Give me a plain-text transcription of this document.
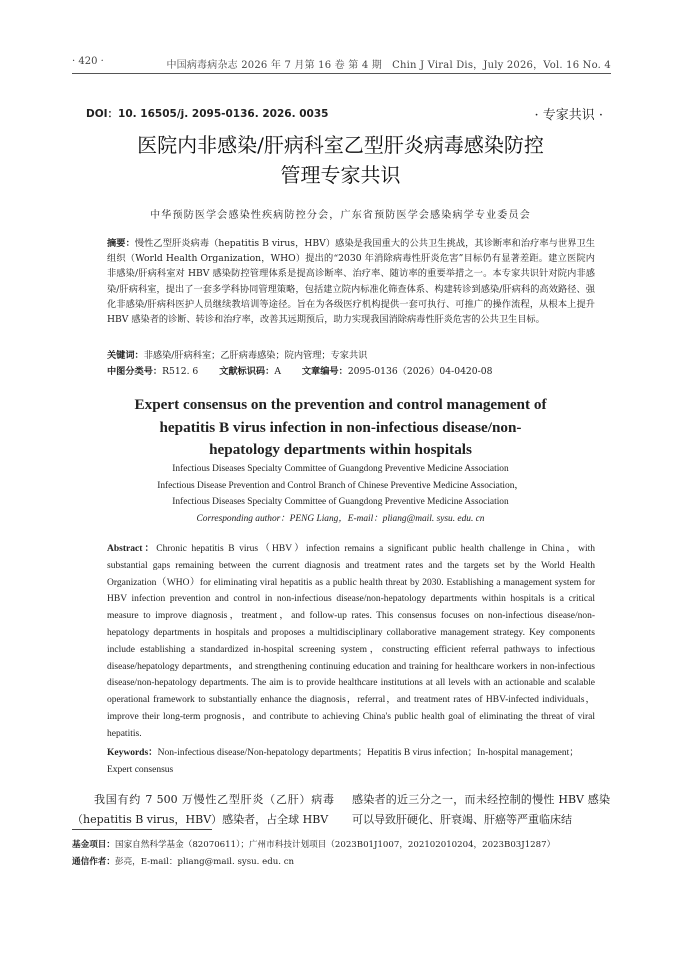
· 420 ·	中国病毒病杂志 2026 年 7 月第 16 卷 第 4 期　Chin J Viral Dis，July 2026，Vol. 16 No. 4
DOI：10. 16505/j. 2095-0136. 2026. 0035	· 专家共识 ·
医院内非感染/肝病科室乙型肝炎病毒感染防控
管理专家共识
中华预防医学会感染性疾病防控分会，广东省预防医学会感染病学专业委员会
摘要：慢性乙型肝炎病毒（hepatitis B virus，HBV）感染是我国重大的公共卫生挑战，其诊断率和治疗率与世界卫生组织（World Health Organization，WHO）提出的“2030 年消除病毒性肝炎危害”目标仍有显著差距。建立医院内非感染/肝病科室对 HBV 感染防控管理体系是提高诊断率、治疗率、随访率的重要举措之一。本专家共识针对院内非感染/肝病科室，提出了一套多学科协同管理策略，包括建立院内标准化筛查体系、构建转诊到感染/肝病科的高效路径、强化非感染/肝病科医护人员继续教培训等途径。旨在为各级医疗机构提供一套可执行、可推广的操作流程，从根本上提升 HBV 感染者的诊断、转诊和治疗率，改善其远期预后，助力实现我国消除病毒性肝炎危害的公共卫生目标。
关键词：非感染/肝病科室；乙肝病毒感染；院内管理；专家共识
中图分类号：R512. 6 文献标识码：A 文章编号：2095-0136（2026）04-0420-08
Expert consensus on the prevention and control management of
hepatitis B virus infection in non-infectious disease/non-
hepatology departments within hospitals
Infectious Diseases Specialty Committee of Guangdong Preventive Medicine Association
Infectious Disease Prevention and Control Branch of Chinese Preventive Medicine Association，
Infectious Diseases Specialty Committee of Guangdong Preventive Medicine Association
Corresponding author：PENG Liang，E-mail：pliang@mail. sysu. edu. cn
Abstract：Chronic hepatitis B virus（HBV）infection remains a significant public health challenge in China，with substantial gaps remaining between the current diagnosis and treatment rates and the targets set by the World Health Organization（WHO）for eliminating viral hepatitis as a public health threat by 2030. Establishing a management system for HBV infection prevention and control in non-infectious disease/non-hepatology departments within hospitals is a critical measure to improve diagnosis，treatment，and follow-up rates. This consensus focuses on non-infectious disease/non-hepatology departments in hospitals and proposes a multidisciplinary collaborative management strategy. Key components include establishing a standardized in-hospital screening system，constructing efficient referral pathways to infectious disease/hepatology departments，and strengthening continuing education and training for healthcare workers in non-infectious disease/non-hepatology departments. The aim is to provide healthcare institutions at all levels with an actionable and scalable operational framework to substantially enhance the diagnosis，referral，and treatment rates of HBV-infected individuals，improve their long-term prognosis，and contribute to achieving China's public health goal of eliminating the threat of viral hepatitis.
Keywords：Non-infectious disease/Non-hepatology departments；Hepatitis B virus infection；In-hospital management；Expert consensus
我国有约 7 500 万慢性乙型肝炎（乙肝）病毒（hepatitis B virus，HBV）感染者，占全球 HBV
感染者的近三分之一，而未经控制的慢性 HBV 感染可以导致肝硬化、肝衰竭、肝癌等严重临床结
基金项目：国家自然科学基金（82070611）；广州市科技计划项目（2023B01J1007，202102010204，2023B03J1287）
通信作者：彭亮，E-mail：pliang@mail. sysu. edu. cn
